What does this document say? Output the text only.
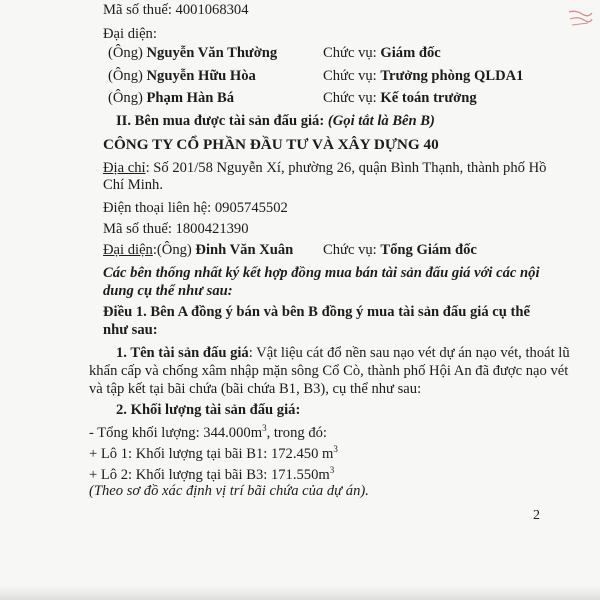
Mã số thuế: 4001068304
Đại diện:
(Ông) Nguyễn Văn Thường	Chức vụ: Giám đốc
(Ông) Nguyễn Hữu Hòa	Chức vụ: Trưởng phòng QLDA1
(Ông) Phạm Hàn Bá	Chức vụ: Kế toán trưởng
II. Bên mua được tài sản đấu giá: (Gọi tắt là Bên B)
CÔNG TY CỔ PHẦN ĐẦU TƯ VÀ XÂY DỰNG 40
Địa chỉ: Số 201/58 Nguyễn Xí, phường 26, quận Bình Thạnh, thành phố Hồ
Chí Minh.
Điện thoại liên hệ: 0905745502
Mã số thuế: 1800421390
Đại diện:(Ông) Đinh Văn Xuân Chức vụ: Tổng Giám đốc
Các bên thống nhất ký kết hợp đồng mua bán tài sản đấu giá với các nội
dung cụ thể như sau:
Điều 1. Bên A đồng ý bán và bên B đồng ý mua tài sản đấu giá cụ thể
như sau:
1. Tên tài sản đấu giá: Vật liệu cát đổ nền sau nạo vét dự án nạo vét, thoát lũ
khẩn cấp và chống xâm nhập mặn sông Cổ Cò, thành phố Hội An đã được nạo vét
và tập kết tại bãi chứa (bãi chứa B1, B3), cụ thể như sau:
2. Khối lượng tài sản đấu giá:
- Tổng khối lượng: $344.000m^3$, trong đó:
+ Lô 1: Khối lượng tại bãi B1: 172.450 $m^3$
+ Lô 2: Khối lượng tại bãi B3: $171.550m^3$
(Theo sơ đồ xác định vị trí bãi chứa của dự án).
2
